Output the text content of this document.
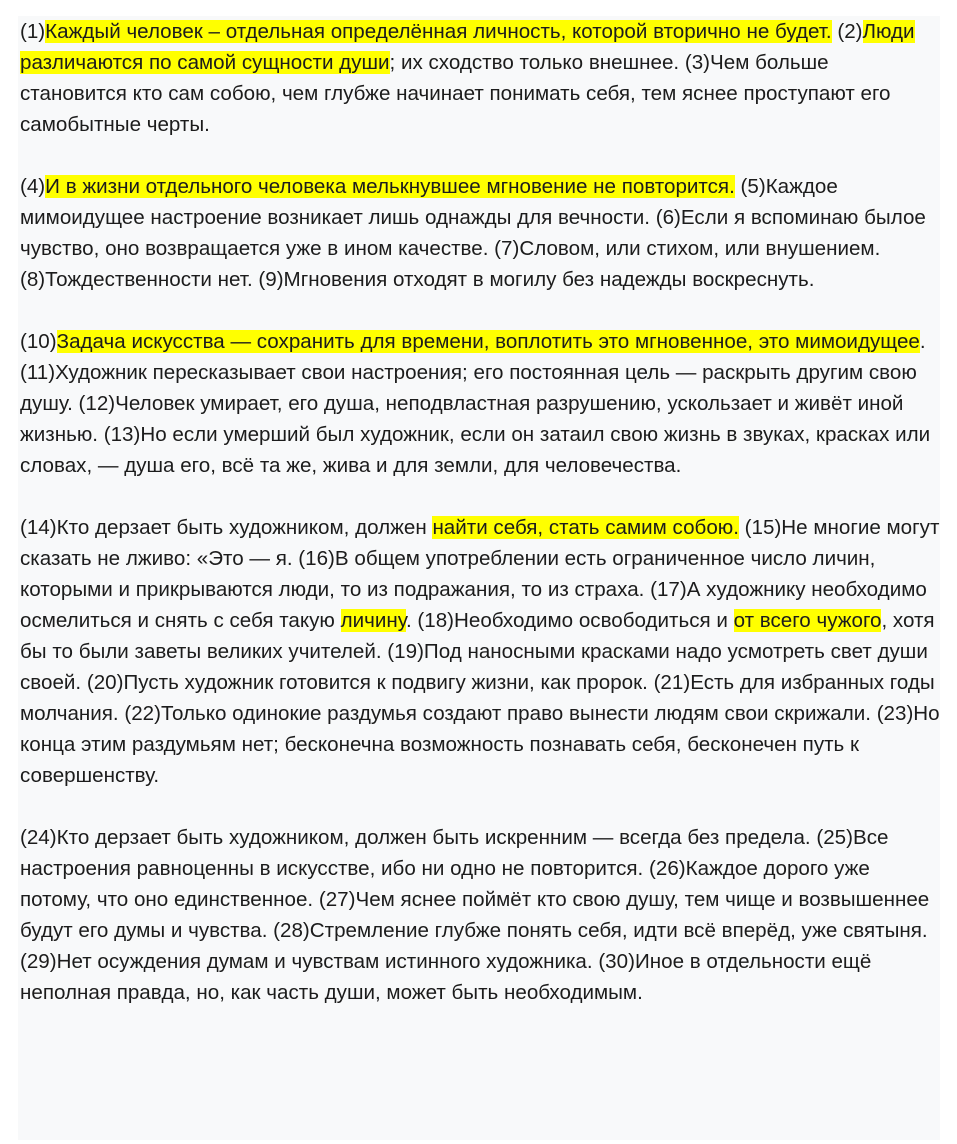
(1)Каждый человек – отдельная определённая личность, которой вторично не будет. (2)Люди различаются по самой сущности души; их сходство только внешнее. (3)Чем больше становится кто сам собою, чем глубже начинает понимать себя, тем яснее проступают его самобытные черты.

(4)И в жизни отдельного человека мелькнувшее мгновение не повторится. (5)Каждое мимоидущее настроение возникает лишь однажды для вечности. (6)Если я вспоминаю былое чувство, оно возвращается уже в ином качестве. (7)Словом, или стихом, или внушением. (8)Тождественности нет. (9)Мгновения отходят в могилу без надежды воскреснуть.

(10)Задача искусства — сохранить для времени, воплотить это мгновенное, это мимоидущее. (11)Художник пересказывает свои настроения; его постоянная цель — раскрыть другим свою душу. (12)Человек умирает, его душа, неподвластная разрушению, ускользает и живёт иной жизнью. (13)Но если умерший был художник, если он затаил свою жизнь в звуках, красках или словах, — душа его, всё та же, жива и для земли, для человечества.

(14)Кто дерзает быть художником, должен найти себя, стать самим собою. (15)Не многие могут сказать не лживо: «Это — я. (16)В общем употреблении есть ограниченное число личин, которыми и прикрываются люди, то из подражания, то из страха. (17)А художнику необходимо осмелиться и снять с себя такую личину. (18)Необходимо освободиться и от всего чужого, хотя бы то были заветы великих учителей. (19)Под наносными красками надо усмотреть свет души своей. (20)Пусть художник готовится к подвигу жизни, как пророк. (21)Есть для избранных годы молчания. (22)Только одинокие раздумья создают право вынести людям свои скрижали. (23)Но конца этим раздумьям нет; бесконечна возможность познавать себя, бесконечен путь к совершенству.

(24)Кто дерзает быть художником, должен быть искренним — всегда без предела. (25)Все настроения равноценны в искусстве, ибо ни одно не повторится. (26)Каждое дорого уже потому, что оно единственное. (27)Чем яснее поймёт кто свою душу, тем чище и возвышеннее будут его думы и чувства. (28)Стремление глубже понять себя, идти всё вперёд, уже святыня. (29)Нет осуждения думам и чувствам истинного художника. (30)Иное в отдельности ещё неполная правда, но, как часть души, может быть необходимым.
